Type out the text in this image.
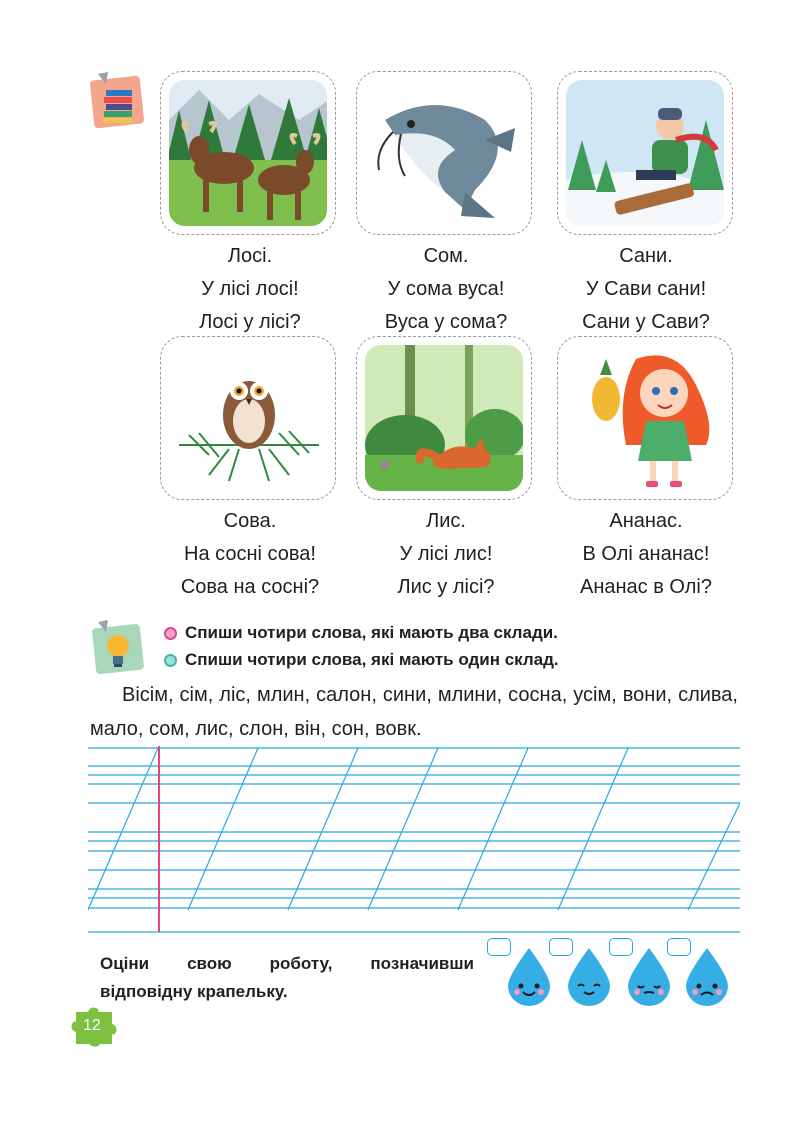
Лосі.
У лісі лосі!
Лосі у лісі?
Сом.
У сома вуса!
Вуса у сома?
Сани.
У Сави сани!
Сани у Сави?
Сова.
На сосні сова!
Сова на сосні?
Лис.
У лісі лис!
Лис у лісі?
Ананас.
В Олі ананас!
Ананас в Олі?
Спиши чотири слова, які мають два склади.
Спиши чотири слова, які мають один склад.
Вісім, сім, ліс, млин, салон, сини, млини, сосна, усім, вони, слива, мало, сом, лис, слон, він, сон, вовк.
Оціни свою роботу, позначивши
відповідну крапельку.
12
